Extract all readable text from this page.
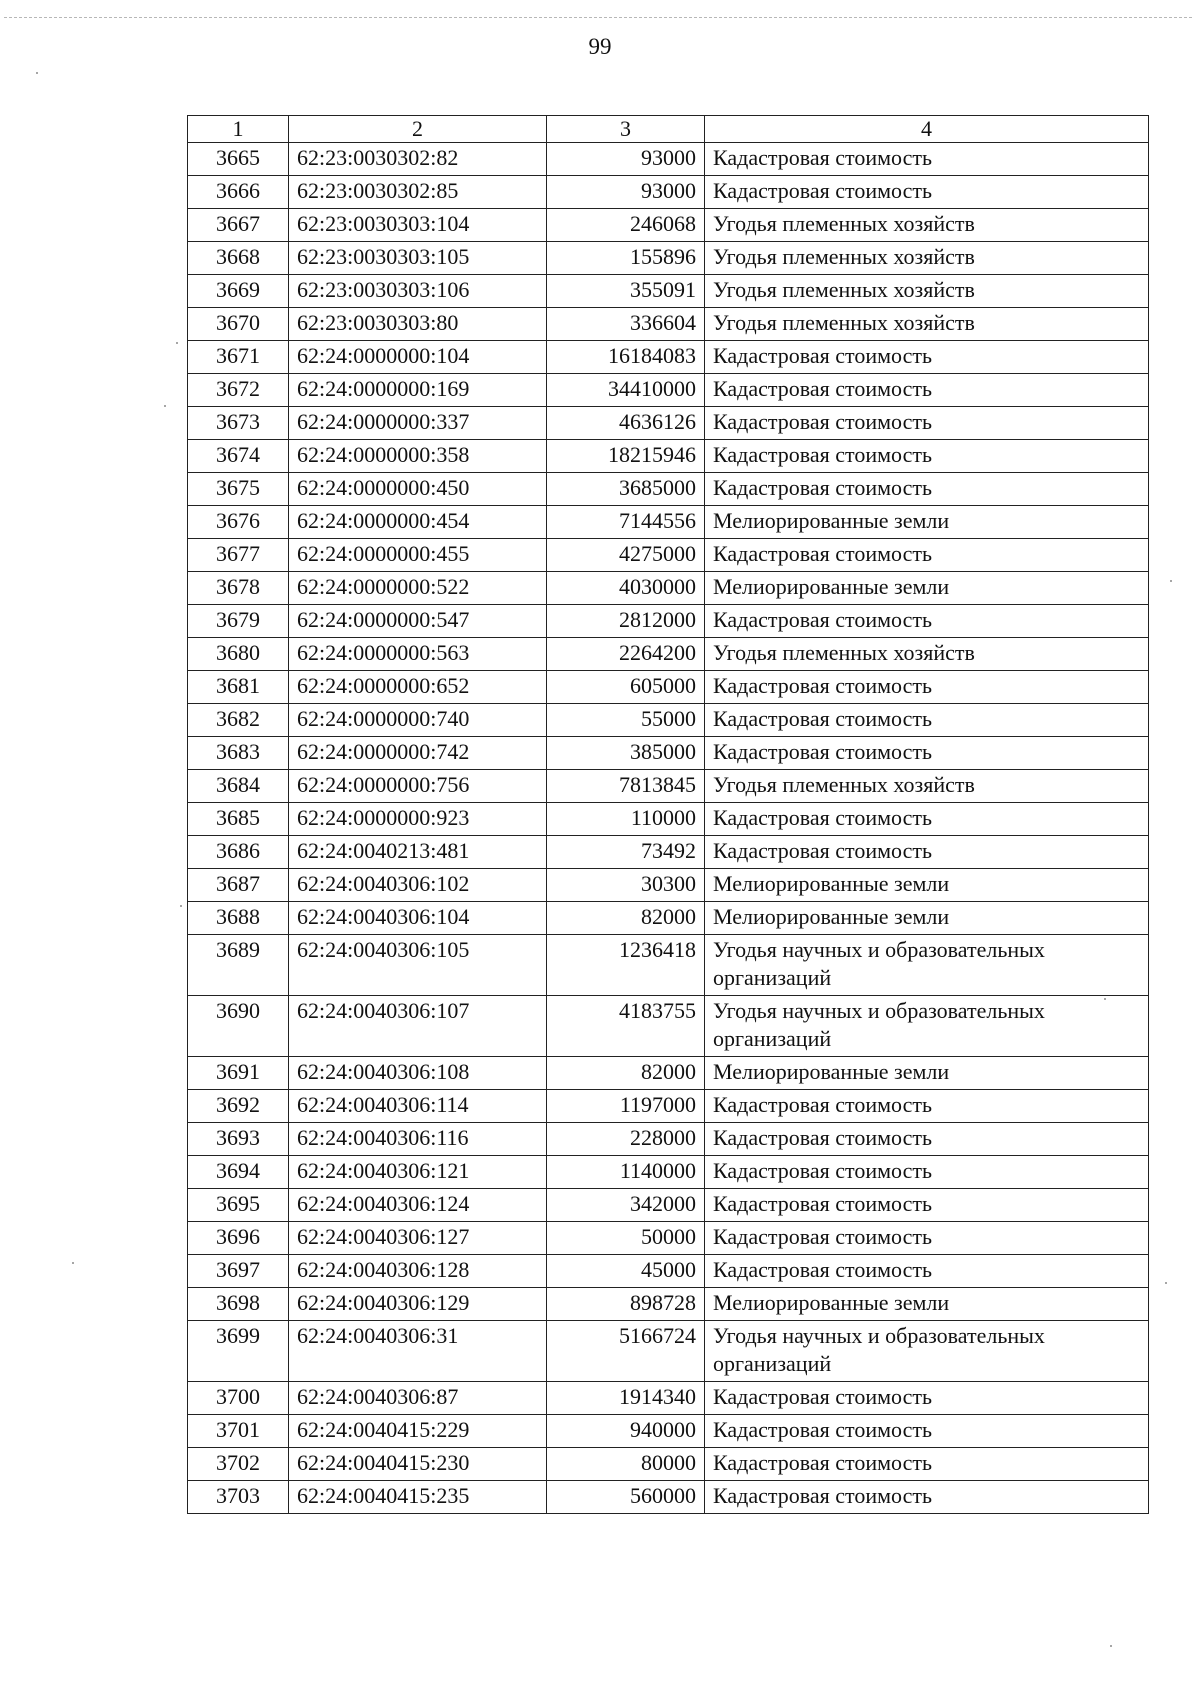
99
1	2	3	4
3665	62:23:0030302:82	93000	Кадастровая стоимость
3666	62:23:0030302:85	93000	Кадастровая стоимость
3667	62:23:0030303:104	246068	Угодья племенных хозяйств
3668	62:23:0030303:105	155896	Угодья племенных хозяйств
3669	62:23:0030303:106	355091	Угодья племенных хозяйств
3670	62:23:0030303:80	336604	Угодья племенных хозяйств
3671	62:24:0000000:104	16184083	Кадастровая стоимость
3672	62:24:0000000:169	34410000	Кадастровая стоимость
3673	62:24:0000000:337	4636126	Кадастровая стоимость
3674	62:24:0000000:358	18215946	Кадастровая стоимость
3675	62:24:0000000:450	3685000	Кадастровая стоимость
3676	62:24:0000000:454	7144556	Мелиорированные земли
3677	62:24:0000000:455	4275000	Кадастровая стоимость
3678	62:24:0000000:522	4030000	Мелиорированные земли
3679	62:24:0000000:547	2812000	Кадастровая стоимость
3680	62:24:0000000:563	2264200	Угодья племенных хозяйств
3681	62:24:0000000:652	605000	Кадастровая стоимость
3682	62:24:0000000:740	55000	Кадастровая стоимость
3683	62:24:0000000:742	385000	Кадастровая стоимость
3684	62:24:0000000:756	7813845	Угодья племенных хозяйств
3685	62:24:0000000:923	110000	Кадастровая стоимость
3686	62:24:0040213:481	73492	Кадастровая стоимость
3687	62:24:0040306:102	30300	Мелиорированные земли
3688	62:24:0040306:104	82000	Мелиорированные земли
3689	62:24:0040306:105	1236418	Угодья научных и образовательных организаций
3690	62:24:0040306:107	4183755	Угодья научных и образовательных организаций
3691	62:24:0040306:108	82000	Мелиорированные земли
3692	62:24:0040306:114	1197000	Кадастровая стоимость
3693	62:24:0040306:116	228000	Кадастровая стоимость
3694	62:24:0040306:121	1140000	Кадастровая стоимость
3695	62:24:0040306:124	342000	Кадастровая стоимость
3696	62:24:0040306:127	50000	Кадастровая стоимость
3697	62:24:0040306:128	45000	Кадастровая стоимость
3698	62:24:0040306:129	898728	Мелиорированные земли
3699	62:24:0040306:31	5166724	Угодья научных и образовательных организаций
3700	62:24:0040306:87	1914340	Кадастровая стоимость
3701	62:24:0040415:229	940000	Кадастровая стоимость
3702	62:24:0040415:230	80000	Кадастровая стоимость
3703	62:24:0040415:235	560000	Кадастровая стоимость
